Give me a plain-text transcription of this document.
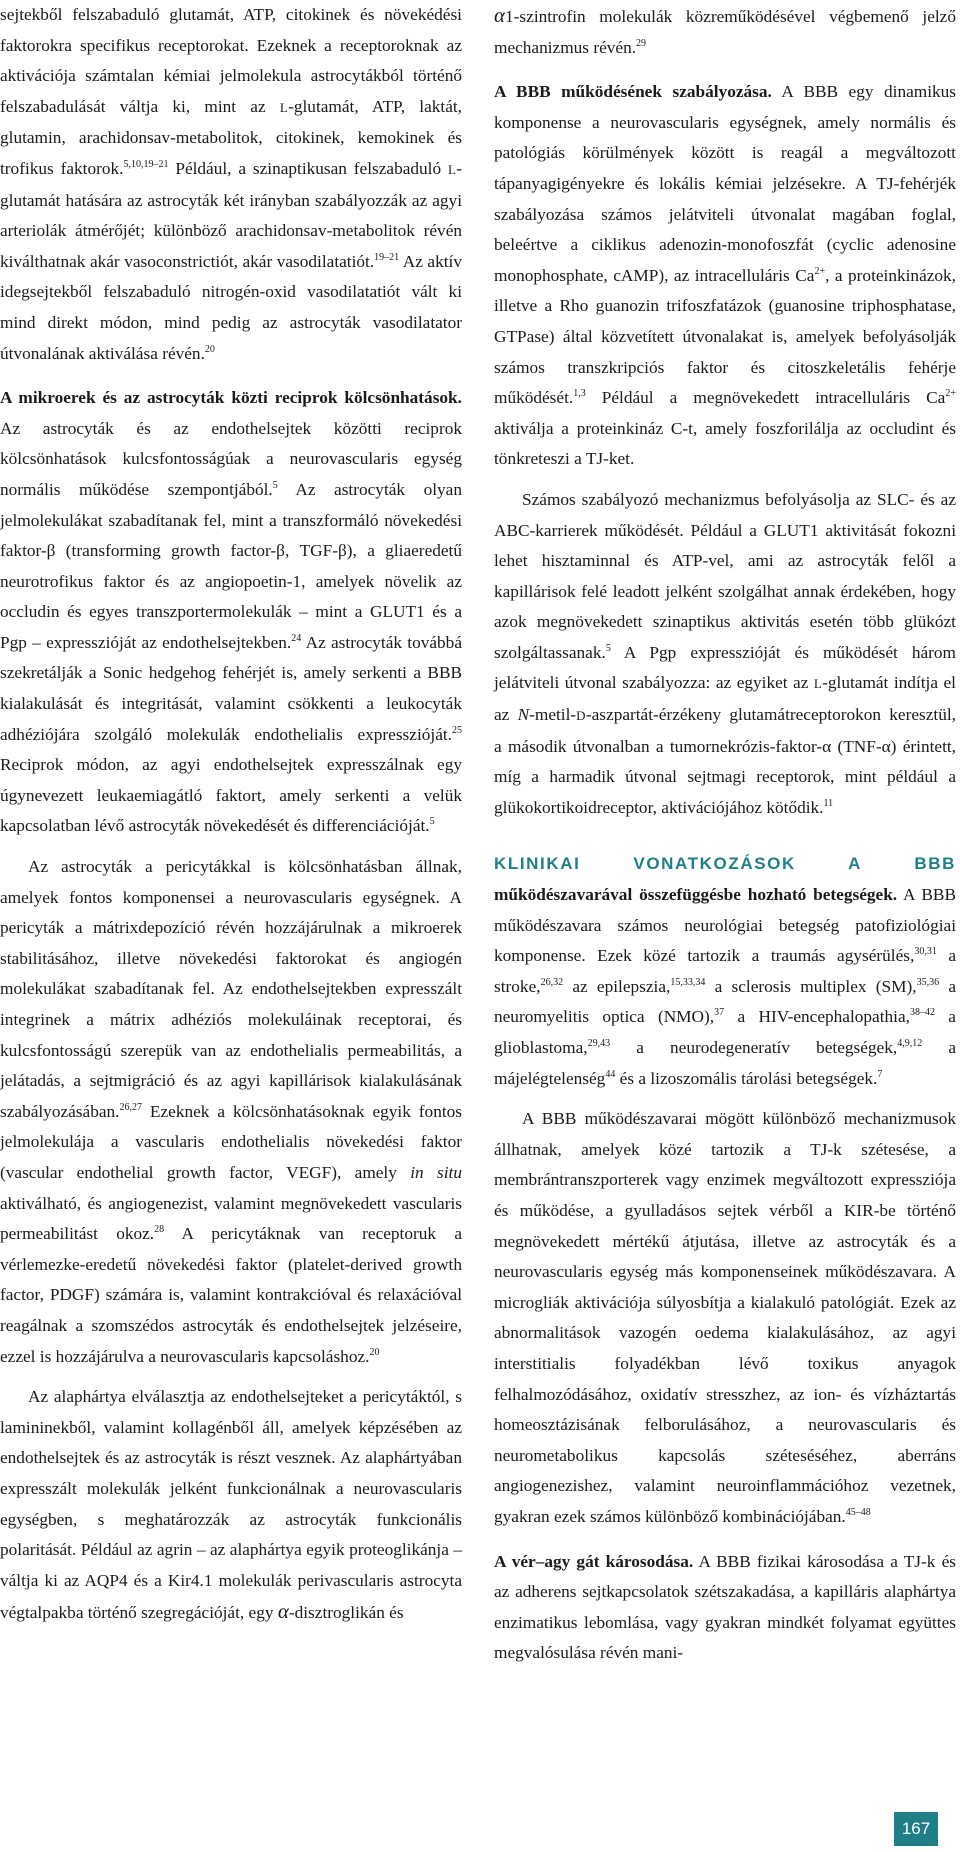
sejtekből felszabaduló glutamát, ATP, citokinek és növekédési faktorokra specifikus receptorokat. Ezeknek a receptoroknak az aktivációja számtalan kémiai jelmolekula astrocytákból történő felszabadulását váltja ki, mint az L-glutamát, ATP, laktát, glutamin, arachidonsav-metabolitok, citokinek, kemokinek és trofikus faktorok.$^{5,10,19-21}$ Például, a szinaptikusan felszabaduló L-glutamát hatására az astrocyták két irányban szabályozzák az agyi arteriolák átmérőjét; különböző arachidonsav-metabolitok révén kiválthatnak akár vasoconstrictiót, akár vasodilatatiót.$^{19-21}$ Az aktív idegsejtekből felszabaduló nitrogén-oxid vasodilatatiót vált ki mind direkt módon, mind pedig az astrocyták vasodilatator útvonalának aktiválása révén.$^{20}$

A mikroerek és az astrocyták közti reciprok kölcsönhatások. Az astrocyták és az endothelsejtek közötti reciprok kölcsönhatások kulcsfontosságúak a neurovascularis egység normális működése szempontjából.$^5$ Az astrocyták olyan jelmolekulákat szabadítanak fel, mint a transzformáló növekedési faktor-β (transforming growth factor-β, TGF-β), a gliaeredetű neurotrofikus faktor és az angiopoetin-1, amelyek növelik az occludin és egyes transzportermolekulák – mint a GLUT1 és a Pgp – expresszióját az endothelsejtekben.$^{24}$ Az astrocyták továbbá szekretálják a Sonic hedgehog fehérjét is, amely serkenti a BBB kialakulását és integritását, valamint csökkenti a leukocyták adhéziójára szolgáló molekulák endothelialis expresszióját.$^{25}$ Reciprok módon, az agyi endothelsejtek expresszálnak egy úgynevezett leukaemiagátló faktort, amely serkenti a velük kapcsolatban lévő astrocyták növekedését és differenciációját.$^5$

Az astrocyták a pericytákkal is kölcsönhatásban állnak, amelyek fontos komponensei a neurovascularis egységnek. A pericyták a mátrixdepozíció révén hozzájárulnak a mikroerek stabilitásához, illetve növekedési faktorokat és angiogén molekulákat szabadítanak fel. Az endothelsejtekben expresszált integrinek a mátrix adhéziós molekuláinak receptorai, és kulcsfontosságú szerepük van az endothelialis permeabilitás, a jelátadás, a sejtmigráció és az agyi kapillárisok kialakulásának szabályozásában.$^{26,27}$ Ezeknek a kölcsönhatásoknak egyik fontos jelmolekulája a vascularis endothelialis növekedési faktor (vascular endothelial growth factor, VEGF), amely in situ aktiválható, és angiogenezist, valamint megnövekedett vascularis permeabilitást okoz.$^{28}$ A pericytáknak van receptoruk a vérlemezke-eredetű növekedési faktor (platelet-derived growth factor, PDGF) számára is, valamint kontrakcióval és relaxációval reagálnak a szomszédos astrocyták és endothelsejtek jelzéseire, ezzel is hozzájárulva a neurovascularis kapcsoláshoz.$^{20}$

Az alaphártya elválasztja az endothelsejteket a pericytáktól, s lamininekből, valamint kollagénből áll, amelyek képzésében az endothelsejtek és az astrocyták is részt vesznek. Az alaphártyában expresszált molekulák jelként funkcionálnak a neurovascularis egységben, s meghatározzák az astrocyták funkcionális polaritását. Például az agrin – az alaphártya egyik proteoglikánja – váltja ki az AQP4 és a Kir4.1 molekulák perivascularis astrocyta végtalpakba történő szegregációját, egy α-disztroglikán és

α1-szintrofin molekulák közreműködésével végbemenő jelző mechanizmus révén.$^{29}$

A BBB működésének szabályozása. A BBB egy dinamikus komponense a neurovascularis egységnek, amely normális és patológiás körülmények között is reagál a megváltozott tápanyagigényekre és lokális kémiai jelzésekre. A TJ-fehérjék szabályozása számos jelátviteli útvonalat magában foglal, beleértve a ciklikus adenozin-monofoszfát (cyclic adenosine monophosphate, cAMP), az intracelluláris $Ca^{2+}$, a proteinkinázok, illetve a Rho guanozin trifoszfatázok (guanosine triphosphatase, GTPase) által közvetített útvonalakat is, amelyek befolyásolják számos transzkripciós faktor és citoszkeletális fehérje működését.$^{1,3}$ Például a megnövekedett intracelluláris $Ca^{2+}$ aktiválja a proteinkináz C-t, amely foszforilálja az occludint és tönkreteszi a TJ-ket.

Számos szabályozó mechanizmus befolyásolja az SLC- és az ABC-karrierek működését. Például a GLUT1 aktivitását fokozni lehet hisztaminnal és ATP-vel, ami az astrocyták felől a kapillárisok felé leadott jelként szolgálhat annak érdekében, hogy azok megnövekedett szinaptikus aktivitás esetén több glükózt szolgáltassanak.$^5$ A Pgp expresszióját és működését három jelátviteli útvonal szabályozza: az egyiket az L-glutamát indítja el az N-metil-D-aszpartát-érzékeny glutamátreceptorokon keresztül, a második útvonalban a tumornekrózis-faktor-α (TNF-α) érintett, míg a harmadik útvonal sejtmagi receptorok, mint például a glükokortikoidreceptor, aktivációjához kötődik.$^{11}$

KLINIKAI VONATKOZÁSOK A BBB működészavarával összefüggésbe hozható betegségek. A BBB működészavara számos neurológiai betegség patofiziológiai komponense. Ezek közé tartozik a traumás agysérülés,$^{30,31}$ a stroke,$^{26,32}$ az epilepszia,$^{15,33,34}$ a sclerosis multiplex (SM),$^{35,36}$ a neuromyelitis optica (NMO),$^{37}$ a HIV-encephalopathia,$^{38-42}$ a glioblastoma,$^{29,43}$ a neurodegeneratív betegségek,$^{4,9,12}$ a májelégtelenség$^{44}$ és a lizoszomális tárolási betegségek.$^7$

A BBB működészavarai mögött különböző mechanizmusok állhatnak, amelyek közé tartozik a TJ-k szétesése, a membrántranszporterek vagy enzimek megváltozott expressziója és működése, a gyulladásos sejtek vérből a KIR-be történő megnövekedett mértékű átjutása, illetve az astrocyták és a neurovascularis egység más komponenseinek működészavara. A microgliák aktivációja súlyosbítja a kialakuló patológiát. Ezek az abnormalitások vazogén oedema kialakulásához, az agyi interstitialis folyadékban lévő toxikus anyagok felhalmozódásához, oxidatív stresszhez, az ion- és vízháztartás homeosztázisának felborulásához, a neurovascularis és neurometabolikus kapcsolás széteséséhez, aberráns angiogenezishez, valamint neuroinflammációhoz vezetnek, gyakran ezek számos különböző kombinációjában.$^{45-48}$

A vér–agy gát károsodása. A BBB fizikai károsodása a TJ-k és az adherens sejtkapcsolatok szétszakadása, a kapilláris alaphártya enzimatikus lebomlása, vagy gyakran mindkét folyamat együttes megvalósulása révén mani-

167
